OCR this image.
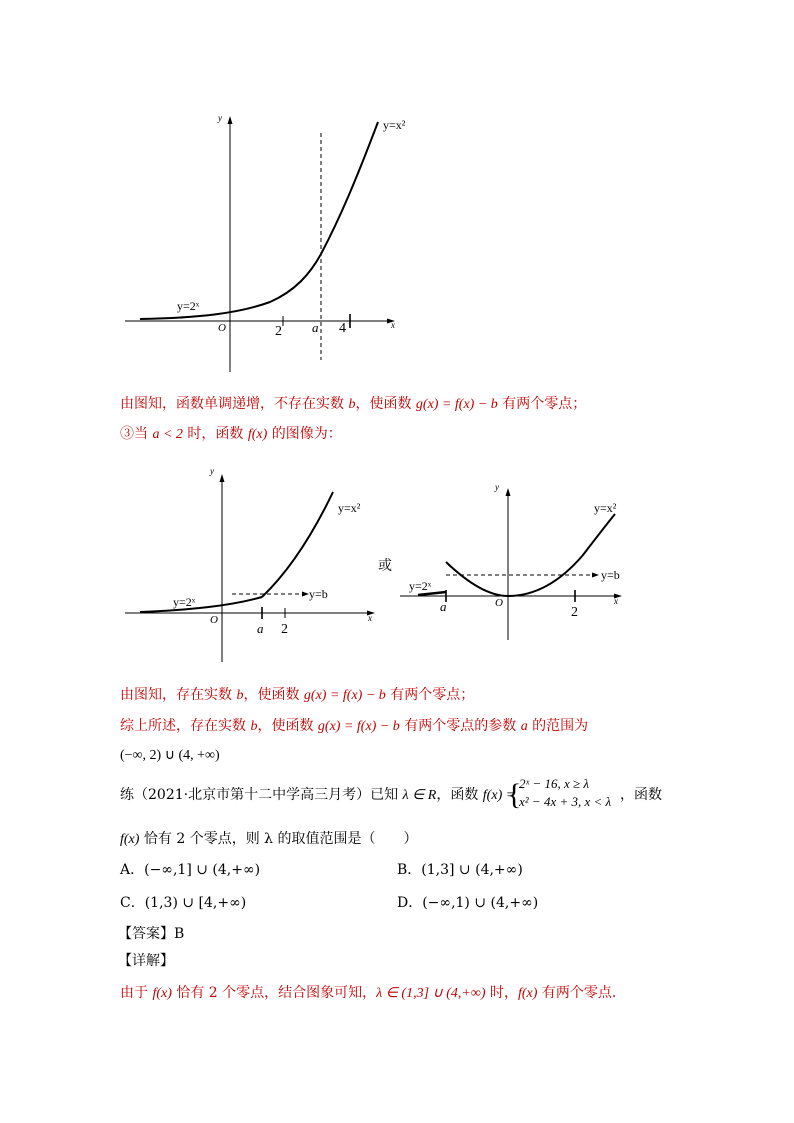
y
x
O	2 a 4
y=x²
y=2ˣ
由图知，函数单调递增，不存在实数 b，使函数 g(x) = f(x) − b 有两个零点；
③当 a < 2 时，函数 f(x) 的图像为：
y
x
O
a 2
y=x²
y=2ˣ
y=b
或
y
x
O
a	2
y=x²
y=2ˣ
y=b
由图知，存在实数 b，使函数 g(x) = f(x) − b 有两个零点；
综上所述，存在实数 b，使函数 g(x) = f(x) − b 有两个零点的参数 a 的范围为
(−∞, 2) ∪ (4, +∞)
练（2021·北京市第十二中学高三月考）已知 λ ∈ R，函数 f(x) =
{
2ˣ − 16, x ≥ λ
x² − 4x + 3, x < λ ，函数
f(x) 恰有 2 个零点，则 λ 的取值范围是（　　）
A．(−∞,1] ∪ (4,+∞)	B．(1,3] ∪ (4,+∞)
C．(1,3) ∪ [4,+∞)	D．(−∞,1) ∪ (4,+∞)
【答案】B
【详解】
由于 f(x) 恰有 2 个零点，结合图象可知，λ ∈ (1,3] ∪ (4,+∞) 时，f(x) 有两个零点.
